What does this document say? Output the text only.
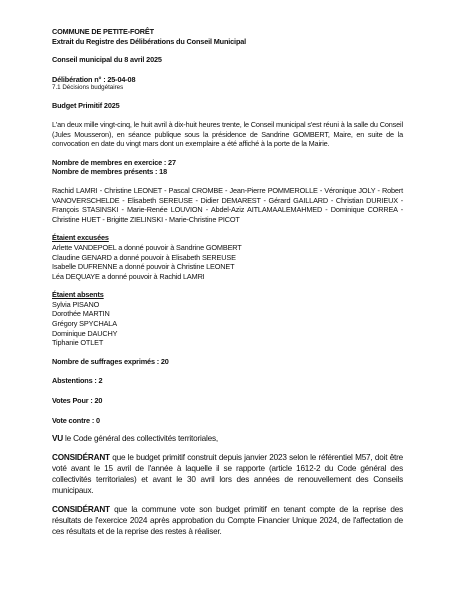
COMMUNE DE PETITE-FORÊT

Extrait du Registre des Délibérations du Conseil Municipal

Conseil municipal du 8 avril 2025

Délibération n° : 25-04-08

7.1 Décisions budgétaires

Budget Primitif 2025

L'an deux mille vingt-cinq, le huit avril à dix-huit heures trente, le Conseil municipal s'est réuni à la salle du Conseil (Jules Mousseron), en séance publique sous la présidence de Sandrine GOMBERT, Maire, en suite de la convocation en date du vingt mars dont un exemplaire a été affiché à la porte de la Mairie.

Nombre de membres en exercice : 27

Nombre de membres présents : 18

Rachid LAMRI - Christine LEONET - Pascal CROMBE - Jean-Pierre POMMEROLLE - Véronique JOLY - Robert VANOVERSCHELDE - Elisabeth SEREUSE - Didier DEMAREST - Gérard GAILLARD - Christian DURIEUX - François STASINSKI - Marie-Renée LOUVION - Abdel-Aziz AITLAMAALEMAHMED - Dominique CORREA - Christine HUET - Brigitte ZIELINSKI - Marie-Christine PICOT

Étaient excusées

Arlette VANDEPOEL a donné pouvoir à Sandrine GOMBERT

Claudine GENARD a donné pouvoir à Elisabeth SEREUSE

Isabelle DUFRENNE a donné pouvoir à Christine LEONET

Léa DEQUAYE a donné pouvoir à Rachid LAMRI

Étaient absents

Sylvia PISANO

Dorothée MARTIN

Grégory SPYCHALA

Dominique DAUCHY

Tiphanie OTLET

Nombre de suffrages exprimés : 20

Abstentions : 2

Votes Pour : 20

Vote contre : 0

VU le Code général des collectivités territoriales,

CONSIDÉRANT que le budget primitif construit depuis janvier 2023 selon le référentiel M57, doit être voté avant le 15 avril de l'année à laquelle il se rapporte (article 1612-2 du Code général des collectivités territoriales) et avant le 30 avril lors des années de renouvellement des Conseils municipaux.

CONSIDÉRANT que la commune vote son budget primitif en tenant compte de la reprise des résultats de l'exercice 2024 après approbation du Compte Financier Unique 2024, de l'affectation de ces résultats et de la reprise des restes à réaliser.
